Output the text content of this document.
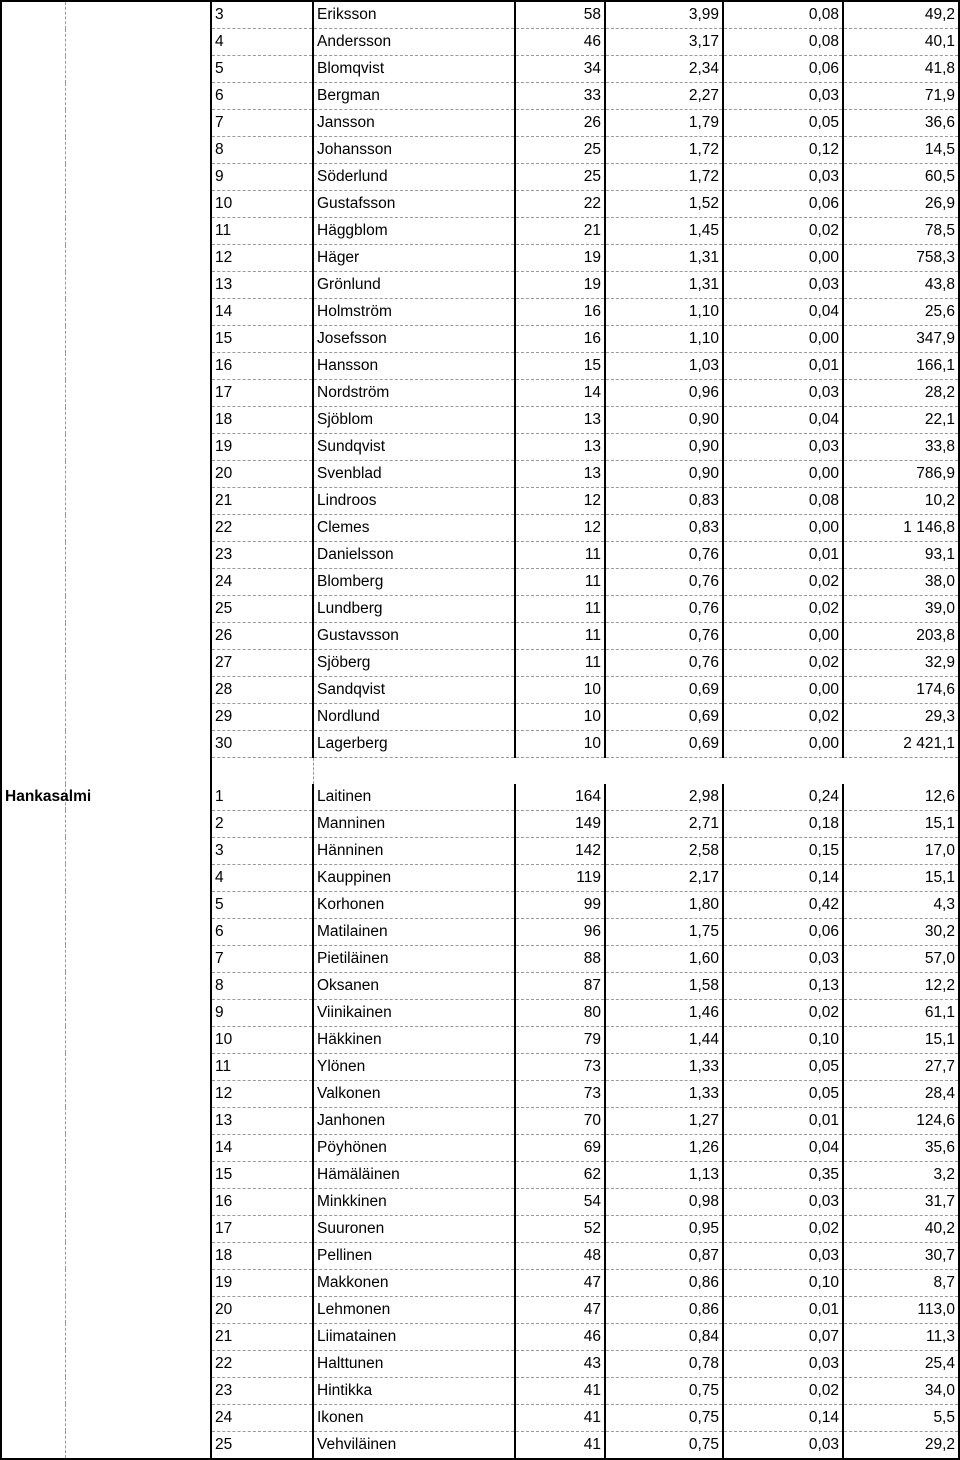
		3	Eriksson	58	3,99	0,08	49,2
		4	Andersson	46	3,17	0,08	40,1
		5	Blomqvist	34	2,34	0,06	41,8
		6	Bergman	33	2,27	0,03	71,9
		7	Jansson	26	1,79	0,05	36,6
		8	Johansson	25	1,72	0,12	14,5
		9	Söderlund	25	1,72	0,03	60,5
		10	Gustafsson	22	1,52	0,06	26,9
		11	Häggblom	21	1,45	0,02	78,5
		12	Häger	19	1,31	0,00	758,3
		13	Grönlund	19	1,31	0,03	43,8
		14	Holmström	16	1,10	0,04	25,6
		15	Josefsson	16	1,10	0,00	347,9
		16	Hansson	15	1,03	0,01	166,1
		17	Nordström	14	0,96	0,03	28,2
		18	Sjöblom	13	0,90	0,04	22,1
		19	Sundqvist	13	0,90	0,03	33,8
		20	Svenblad	13	0,90	0,00	786,9
		21	Lindroos	12	0,83	0,08	10,2
		22	Clemes	12	0,83	0,00	1 146,8
		23	Danielsson	11	0,76	0,01	93,1
		24	Blomberg	11	0,76	0,02	38,0
		25	Lundberg	11	0,76	0,02	39,0
		26	Gustavsson	11	0,76	0,00	203,8
		27	Sjöberg	11	0,76	0,02	32,9
		28	Sandqvist	10	0,69	0,00	174,6
		29	Nordlund	10	0,69	0,02	29,3
		30	Lagerberg	10	0,69	0,00	2 421,1

Hankasalmi		1	Laitinen	164	2,98	0,24	12,6
		2	Manninen	149	2,71	0,18	15,1
		3	Hänninen	142	2,58	0,15	17,0
		4	Kauppinen	119	2,17	0,14	15,1
		5	Korhonen	99	1,80	0,42	4,3
		6	Matilainen	96	1,75	0,06	30,2
		7	Pietiläinen	88	1,60	0,03	57,0
		8	Oksanen	87	1,58	0,13	12,2
		9	Viinikainen	80	1,46	0,02	61,1
		10	Häkkinen	79	1,44	0,10	15,1
		11	Ylönen	73	1,33	0,05	27,7
		12	Valkonen	73	1,33	0,05	28,4
		13	Janhonen	70	1,27	0,01	124,6
		14	Pöyhönen	69	1,26	0,04	35,6
		15	Hämäläinen	62	1,13	0,35	3,2
		16	Minkkinen	54	0,98	0,03	31,7
		17	Suuronen	52	0,95	0,02	40,2
		18	Pellinen	48	0,87	0,03	30,7
		19	Makkonen	47	0,86	0,10	8,7
		20	Lehmonen	47	0,86	0,01	113,0
		21	Liimatainen	46	0,84	0,07	11,3
		22	Halttunen	43	0,78	0,03	25,4
		23	Hintikka	41	0,75	0,02	34,0
		24	Ikonen	41	0,75	0,14	5,5
		25	Vehviläinen	41	0,75	0,03	29,2
